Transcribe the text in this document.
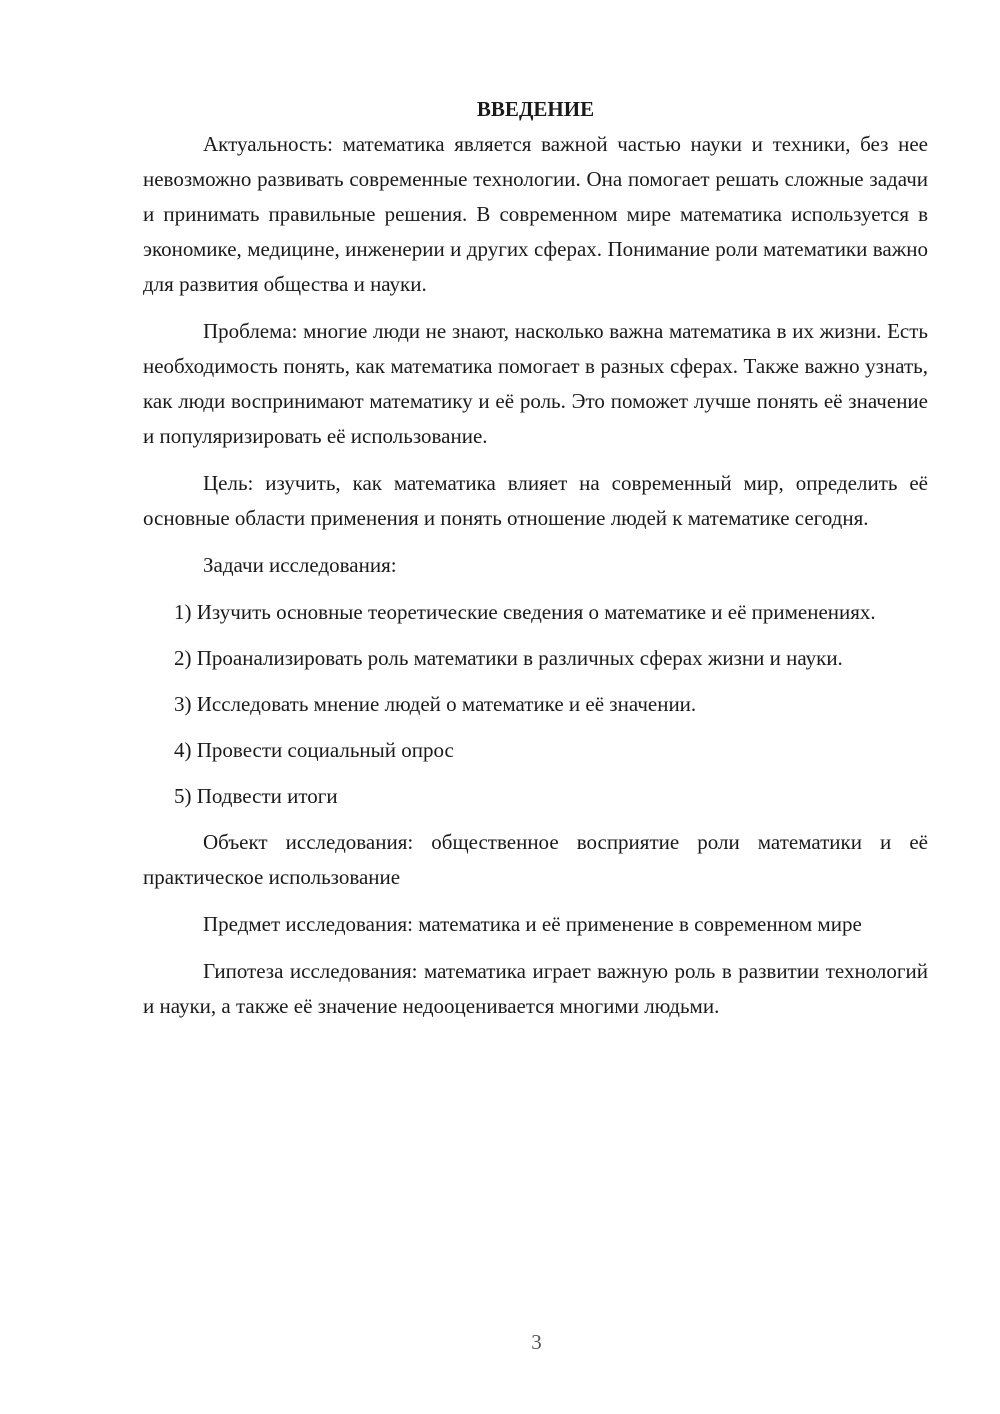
ВВЕДЕНИЕ

Актуальность: математика является важной частью науки и техники, без нее невозможно развивать современные технологии. Она помогает решать сложные задачи и принимать правильные решения. В современном мире математика используется в экономике, медицине, инженерии и других сферах. Понимание роли математики важно для развития общества и науки.

Проблема: многие люди не знают, насколько важна математика в их жизни. Есть необходимость понять, как математика помогает в разных сферах. Также важно узнать, как люди воспринимают математику и её роль. Это поможет лучше понять её значение и популяризировать её использование.

Цель: изучить, как математика влияет на современный мир, определить её основные области применения и понять отношение людей к математике сегодня.

Задачи исследования:

1) Изучить основные теоретические сведения о математике и её применениях.

2) Проанализировать роль математики в различных сферах жизни и науки.

3) Исследовать мнение людей о математике и её значении.

4) Провести социальный опрос

5) Подвести итоги

Объект исследования: общественное восприятие роли математики и её практическое использование

Предмет исследования: математика и её применение в современном мире

Гипотеза исследования: математика играет важную роль в развитии технологий и науки, а также её значение недооценивается многими людьми.

3
